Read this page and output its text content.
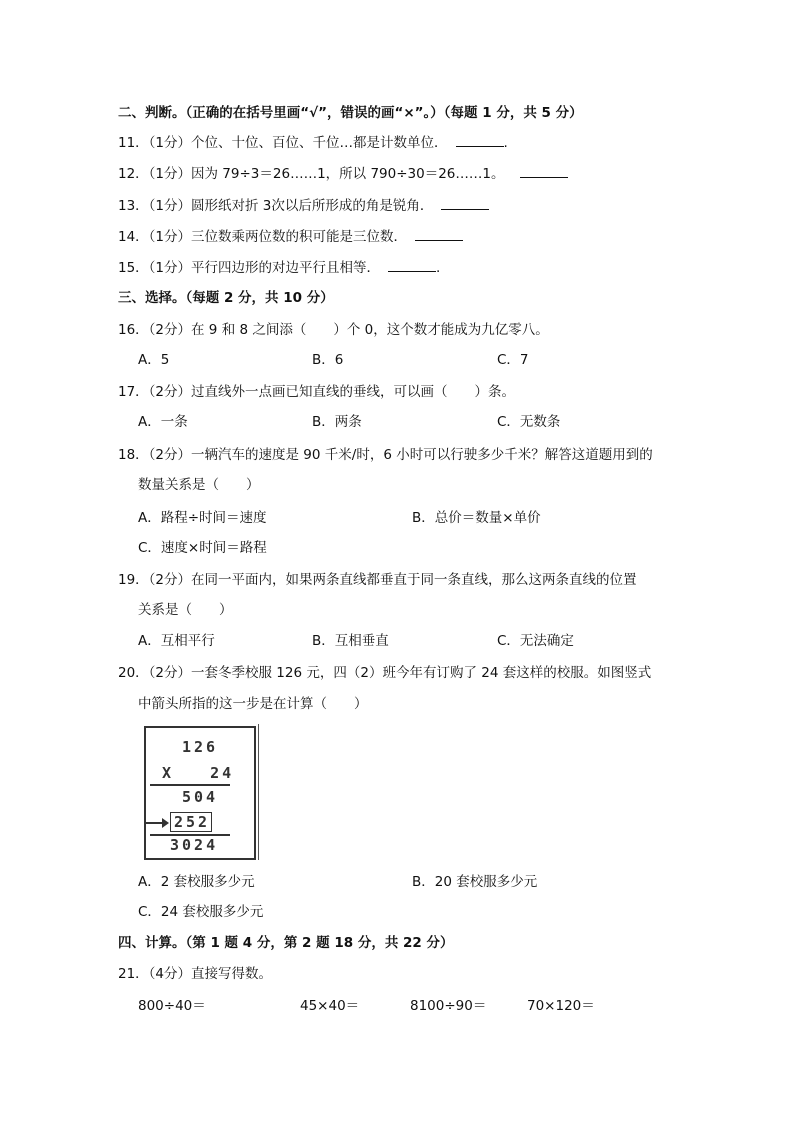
二、判断。（正确的在括号里画“√”，错误的画“×”。）（每题 1 分，共 5 分）
11．（1分）个位、十位、百位、千位…都是计数单位．	.
12．（1分）因为 79÷3＝26……1，所以 790÷30＝26……1。
13．（1分）圆形纸对折 3次以后所形成的角是锐角．
14．（1分）三位数乘两位数的积可能是三位数．
15．（1分）平行四边形的对边平行且相等．	.
三、选择。（每题 2 分，共 10 分）
16．（2分）在 9 和 8 之间添（　　）个 0，这个数才能成为九亿零八。
A．5	B．6	C．7
17．（2分）过直线外一点画已知直线的垂线，可以画（　　）条。
A．一条	B．两条	C．无数条
18．（2分）一辆汽车的速度是 90 千米/时，6 小时可以行驶多少千米？解答这道题用到的
数量关系是（　　）
A．路程÷时间＝速度	B．总价＝数量×单价
C．速度×时间＝路程
19．（2分）在同一平面内，如果两条直线都垂直于同一条直线，那么这两条直线的位置
关系是（　　）
A．互相平行	B．互相垂直	C．无法确定
20．（2分）一套冬季校服 126 元，四（2）班今年有订购了 24 套这样的校服。如图竖式
中箭头所指的这一步是在计算（　　）
126
X   24
504
252
3024
A．2 套校服多少元	B．20 套校服多少元
C．24 套校服多少元
四、计算。（第 1 题 4 分，第 2 题 18 分，共 22 分）
21．（4分）直接写得数。
800÷40＝	45×40＝	8100÷90＝	70×120＝
